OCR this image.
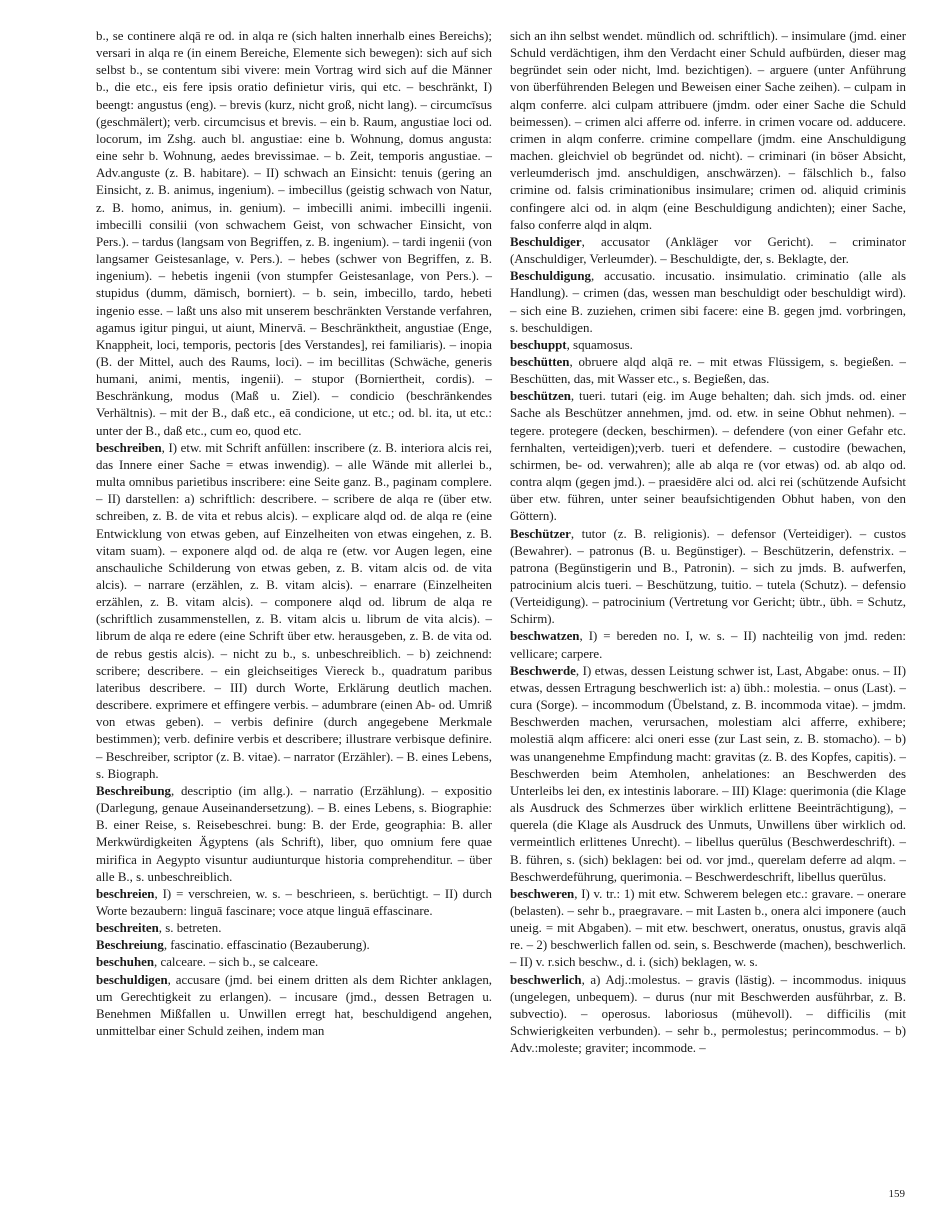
b., se continere alqā re od. in alqa re (sich halten innerhalb eines Bereichs); versari in alqa re (in einem Bereiche, Elemente sich bewegen): sich auf sich selbst b., se contentum sibi vivere: mein Vortrag wird sich auf die Männer b., die etc., eis fere ipsis oratio definietur viris, qui etc. – beschränkt, I) beengt: angustus (eng). – brevis (kurz, nicht groß, nicht lang). – circumcīsus (geschmälert); verb. circumcisus et brevis. – ein b. Raum, angustiae loci od. locorum, im Zshg. auch bl. angustiae: eine b. Wohnung, domus angusta: eine sehr b. Wohnung, aedes brevissimae. – b. Zeit, temporis angustiae. – Adv.anguste (z. B. habitare). – II) schwach an Einsicht: tenuis (gering an Einsicht, z. B. animus, ingenium). – imbecillus (geistig schwach von Natur, z. B. homo, animus, in. genium). – imbecilli animi. imbecilli ingenii. imbecilli consilii (von schwachem Geist, von schwacher Einsicht, von Pers.). – tardus (langsam von Begriffen, z. B. ingenium). – tardi ingenii (von langsamer Geistesanlage, v. Pers.). – hebes (schwer von Begriffen, z. B. ingenium). – hebetis ingenii (von stumpfer Geistesanlage, von Pers.). – stupidus (dumm, dämisch, borniert). – b. sein, imbecillo, tardo, hebeti ingenio esse. – laßt uns also mit unserem beschränkten Verstande verfahren, agamus igitur pingui, ut aiunt, Minervā. – Beschränktheit, angustiae (Enge, Knappheit, loci, temporis, pectoris [des Verstandes], rei familiaris). – inopia (B. der Mittel, auch des Raums, loci). – im becillitas (Schwäche, generis humani, animi, mentis, ingenii). – stupor (Borniertheit, cordis). – Beschränkung, modus (Maß u. Ziel). – condicio (beschränkendes Verhältnis). – mit der B., daß etc., eā condicione, ut etc.; od. bl. ita, ut etc.: unter der B., daß etc., cum eo, quod etc.

beschreiben, I) etw. mit Schrift anfüllen: inscribere (z. B. interiora alcis rei, das Innere einer Sache = etwas inwendig). – alle Wände mit allerlei b., multa omnibus parietibus inscribere: eine Seite ganz. B., paginam complere. – II) darstellen: a) schriftlich: describere. – scribere de alqa re (über etw. schreiben, z. B. de vita et rebus alcis). – explicare alqd od. de alqa re (eine Entwicklung von etwas geben, auf Einzelheiten von etwas eingehen, z. B. vitam suam). – exponere alqd od. de alqa re (etw. vor Augen legen, eine anschauliche Schilderung von etwas geben, z. B. vitam alcis od. de vita alcis). – narrare (erzählen, z. B. vitam alcis). – enarrare (Einzelheiten erzählen, z. B. vitam alcis). – componere alqd od. librum de alqa re (schriftlich zusammenstellen, z. B. vitam alcis u. librum de vita alcis). – librum de alqa re edere (eine Schrift über etw. herausgeben, z. B. de vita od. de rebus gestis alcis). – nicht zu b., s. unbeschreiblich. – b) zeichnend: scribere; describere. – ein gleichseitiges Viereck b., quadratum paribus lateribus describere. – III) durch Worte, Erklärung deutlich machen. describere. exprimere et effingere verbis. – adumbrare (einen Ab- od. Umriß von etwas geben). – verbis definire (durch angegebene Merkmale bestimmen); verb. definire verbis et describere; illustrare verbisque definire. – Beschreiber, scriptor (z. B. vitae). – narrator (Erzähler). – B. eines Lebens, s. Biograph.

Beschreibung, descriptio (im allg.). – narratio (Erzählung). – expositio (Darlegung, genaue Auseinandersetzung). – B. eines Lebens, s. Biographie: B. einer Reise, s. Reisebeschrei. bung: B. der Erde, geographia: B. aller Merkwürdigkeiten Ägyptens (als Schrift), liber, quo omnium fere quae mirifica in Aegypto visuntur audiunturque historia comprehenditur. – über alle B., s. unbeschreiblich.

beschreien, I) = verschreien, w. s. – beschrieen, s. berüchtigt. – II) durch Worte bezaubern: linguā fascinare; voce atque linguā effascinare.

beschreiten, s. betreten.

Beschreiung, fascinatio. effascinatio (Bezauberung).

beschuhen, calceare. – sich b., se calceare.

beschuldigen, accusare (jmd. bei einem dritten als dem Richter anklagen, um Gerechtigkeit zu erlangen). – incusare (jmd., dessen Betragen u. Benehmen Mißfallen u. Unwillen erregt hat, beschuldigend angehen, unmittelbar einer Schuld zeihen, indem man

sich an ihn selbst wendet. mündlich od. schriftlich). – insimulare (jmd. einer Schuld verdächtigen, ihm den Verdacht einer Schuld aufbürden, dieser mag begründet sein oder nicht, lmd. bezichtigen). – arguere (unter Anführung von überführenden Belegen und Beweisen einer Sache zeihen). – culpam in alqm conferre. alci culpam attribuere (jmdm. oder einer Sache die Schuld beimessen). – crimen alci afferre od. inferre. in crimen vocare od. adducere. crimen in alqm conferre. crimine compellare (jmdm. eine Anschuldigung machen. gleichviel ob begründet od. nicht). – criminari (in böser Absicht, verleumderisch jmd. anschuldigen, anschwärzen). – fälschlich b., falso crimine od. falsis criminationibus insimulare; crimen od. aliquid criminis confingere alci od. in alqm (eine Beschuldigung andichten); einer Sache, falso conferre alqd in alqm.

Beschuldiger, accusator (Ankläger vor Gericht). – criminator (Anschuldiger, Verleumder). – Beschuldigte, der, s. Beklagte, der.

Beschuldigung, accusatio. incusatio. insimulatio. criminatio (alle als Handlung). – crimen (das, wessen man beschuldigt oder beschuldigt wird). – sich eine B. zuziehen, crimen sibi facere: eine B. gegen jmd. vorbringen, s. beschuldigen.

beschuppt, squamosus.

beschütten, obruere alqd alqā re. – mit etwas Flüssigem, s. begießen. – Beschütten, das, mit Wasser etc., s. Begießen, das.

beschützen, tueri. tutari (eig. im Auge behalten; dah. sich jmds. od. einer Sache als Beschützer annehmen, jmd. od. etw. in seine Obhut nehmen). – tegere. protegere (decken, beschirmen). – defendere (von einer Gefahr etc. fernhalten, verteidigen);verb. tueri et defendere. – custodire (bewachen, schirmen, be- od. verwahren); alle ab alqa re (vor etwas) od. ab alqo od. contra alqm (gegen jmd.). – praesidēre alci od. alci rei (schützende Aufsicht über etw. führen, unter seiner beaufsichtigenden Obhut haben, von den Göttern).

Beschützer, tutor (z. B. religionis). – defensor (Verteidiger). – custos (Bewahrer). – patronus (B. u. Begünstiger). – Beschützerin, defenstrix. – patrona (Begünstigerin und B., Patronin). – sich zu jmds. B. aufwerfen, patrocinium alcis tueri. – Beschützung, tuitio. – tutela (Schutz). – defensio (Verteidigung). – patrocinium (Vertretung vor Gericht; übtr., übh. = Schutz, Schirm).

beschwatzen, I) = bereden no. I, w. s. – II) nachteilig von jmd. reden: vellicare; carpere.

Beschwerde, I) etwas, dessen Leistung schwer ist, Last, Abgabe: onus. – II) etwas, dessen Ertragung beschwerlich ist: a) übh.: molestia. – onus (Last). – cura (Sorge). – incommodum (Übelstand, z. B. incommoda vitae). – jmdm. Beschwerden machen, verursachen, molestiam alci afferre, exhibere; molestiā alqm afficere: alci oneri esse (zur Last sein, z. B. stomacho). – b) was unangenehme Empfindung macht: gravitas (z. B. des Kopfes, capitis). – Beschwerden beim Atemholen, anhelationes: an Beschwerden des Unterleibs lei den, ex intestinis laborare. – III) Klage: querimonia (die Klage als Ausdruck des Schmerzes über wirklich erlittene Beeinträchtigung), – querela (die Klage als Ausdruck des Unmuts, Unwillens über wirklich od. vermeintlich erlittenes Unrecht). – libellus querūlus (Beschwerdeschrift). – B. führen, s. (sich) beklagen: bei od. vor jmd., querelam deferre ad alqm. – Beschwerdeführung, querimonia. – Beschwerdeschrift, libellus querūlus.

beschweren, I) v. tr.: 1) mit etw. Schwerem belegen etc.: gravare. – onerare (belasten). – sehr b., praegravare. – mit Lasten b., onera alci imponere (auch uneig. = mit Abgaben). – mit etw. beschwert, oneratus, onustus, gravis alqā re. – 2) beschwerlich fallen od. sein, s. Beschwerde (machen), beschwerlich. – II) v. r.sich beschw., d. i. (sich) beklagen, w. s.

beschwerlich, a) Adj.:molestus. – gravis (lästig). – incommodus. iniquus (ungelegen, unbequem). – durus (nur mit Beschwerden ausführbar, z. B. subvectio). – operosus. laboriosus (mühevoll). – difficilis (mit Schwierigkeiten verbunden). – sehr b., permolestus; perincommodus. – b) Adv.:moleste; graviter; incommode. –

159
